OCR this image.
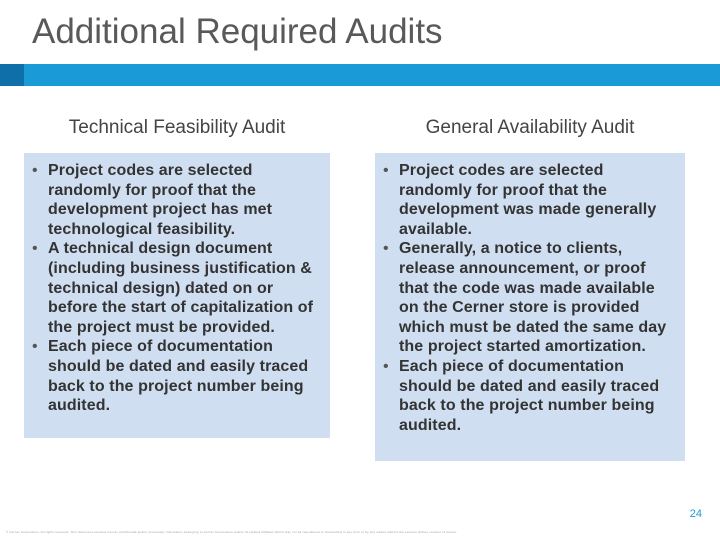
Additional Required Audits
Technical Feasibility Audit
• Project codes are selected randomly for proof that the development project has met technological feasibility.
• A technical design document (including business justification & technical design) dated on or before the start of capitalization of the project must be provided.
• Each piece of documentation should be dated and easily traced back to the project number being audited.
General Availability Audit
• Project codes are selected randomly for proof that the development was made generally available.
• Generally, a notice to clients, release announcement, or proof that the code was made available on the Cerner store is provided which must be dated the same day the project started amortization.
• Each piece of documentation should be dated and easily traced back to the project number being audited.
24
© Cerner Corporation. All rights reserved. This document contains Cerner confidential and/or proprietary information belonging to Cerner Corporation and/or its related affiliates which may not be reproduced or transmitted in any form or by any means without the express written consent of Cerner.
